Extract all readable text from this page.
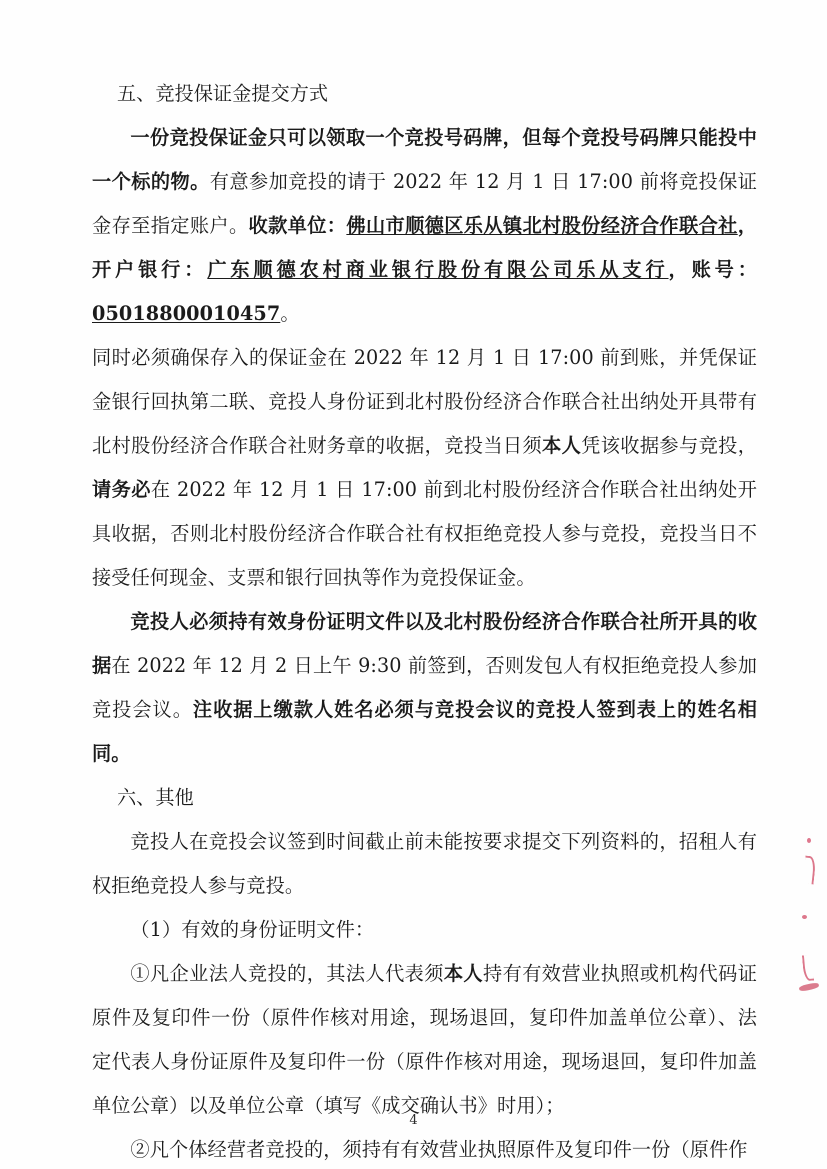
五、竞投保证金提交方式

一份竞投保证金只可以领取一个竞投号码牌，但每个竞投号码牌只能投中一个标的物。有意参加竞投的请于 2022 年 12 月 1 日 17:00 前将竞投保证金存至指定账户。收款单位：佛山市顺德区乐从镇北村股份经济合作联合社，开户银行：广东顺德农村商业银行股份有限公司乐从支行，账号：05018800010457。

同时必须确保存入的保证金在 2022 年 12 月 1 日 17:00 前到账，并凭保证金银行回执第二联、竞投人身份证到北村股份经济合作联合社出纳处开具带有北村股份经济合作联合社财务章的收据，竞投当日须本人凭该收据参与竞投，请务必在 2022 年 12 月 1 日 17:00 前到北村股份经济合作联合社出纳处开具收据，否则北村股份经济合作联合社有权拒绝竞投人参与竞投，竞投当日不接受任何现金、支票和银行回执等作为竞投保证金。

竞投人必须持有效身份证明文件以及北村股份经济合作联合社所开具的收据在 2022 年 12 月 2 日上午 9:30 前签到，否则发包人有权拒绝竞投人参加竞投会议。注收据上缴款人姓名必须与竞投会议的竞投人签到表上的姓名相同。

六、其他

竞投人在竞投会议签到时间截止前未能按要求提交下列资料的，招租人有权拒绝竞投人参与竞投。

（1）有效的身份证明文件：

①凡企业法人竞投的，其法人代表须本人持有有效营业执照或机构代码证原件及复印件一份（原件作核对用途，现场退回，复印件加盖单位公章）、法定代表人身份证原件及复印件一份（原件作核对用途，现场退回，复印件加盖单位公章）以及单位公章（填写《成交确认书》时用）；

②凡个体经营者竞投的，须持有有效营业执照原件及复印件一份（原件作

4
